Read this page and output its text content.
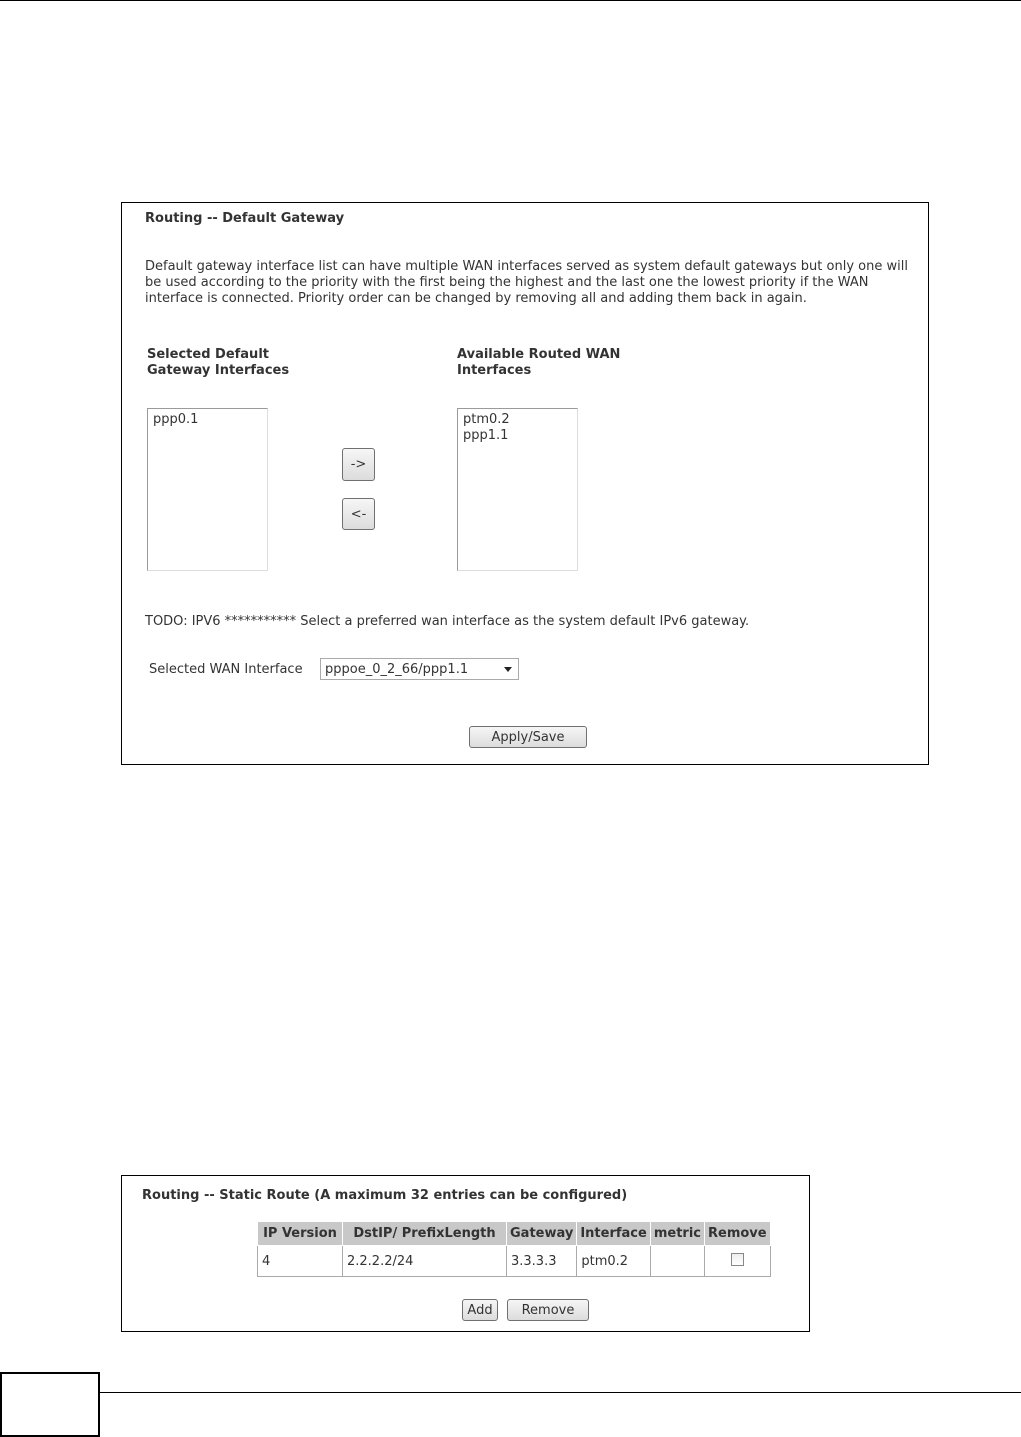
Routing -- Default Gateway
Default gateway interface list can have multiple WAN interfaces served as system default gateways but only one will be used according to the priority with the first being the highest and the last one the lowest priority if the WAN interface is connected. Priority order can be changed by removing all and adding them back in again.
Selected Default
Gateway Interfaces
Available Routed WAN
Interfaces
ppp0.1
->
<-
ptm0.2
ppp1.1
TODO: IPV6 *********** Select a preferred wan interface as the system default IPv6 gateway.
Selected WAN Interface pppoe_0_2_66/ppp1.1
Apply/Save
Routing -- Static Route (A maximum 32 entries can be configured)
IP Version	DstIP/ PrefixLength	Gateway	Interface	metric	Remove
4	2.2.2.2/24	3.3.3.3	ptm0.2		
Add	Remove
